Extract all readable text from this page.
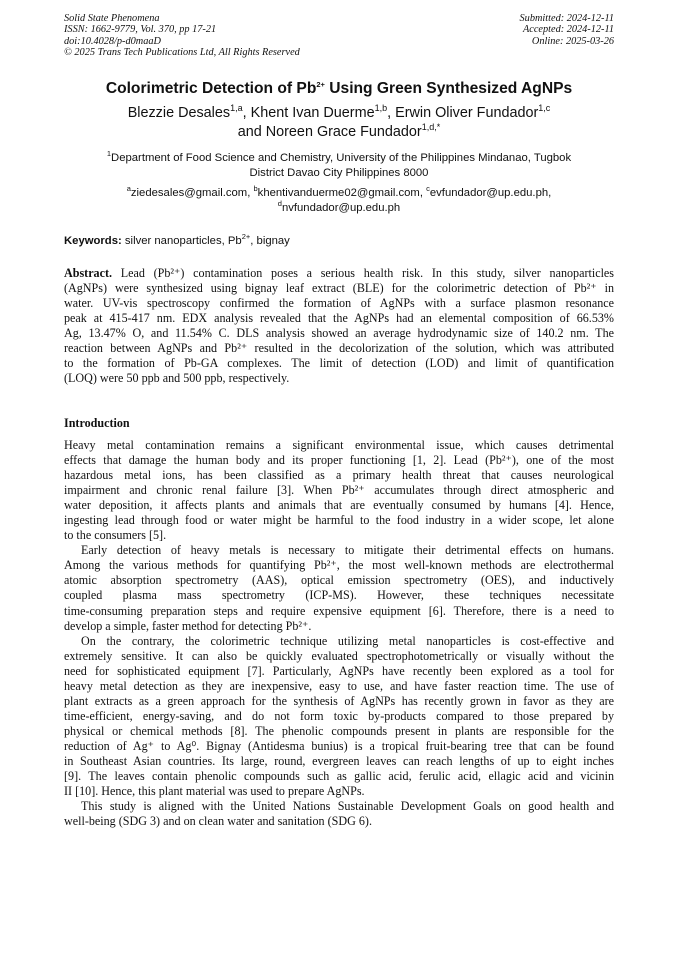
Solid State Phenomena
ISSN: 1662-9779, Vol. 370, pp 17-21
doi:10.4028/p-d0maaD
© 2025 Trans Tech Publications Ltd, All Rights Reserved
Submitted: 2024-12-11
Accepted: 2024-12-11
Online: 2025-03-26
Colorimetric Detection of $Pb^{2+}$ Using Green Synthesized AgNPs
Blezzie Desales$^{1,a}$, Khent Ivan Duerme$^{1,b}$, Erwin Oliver Fundador$^{1,c}$
and Noreen Grace Fundador$^{1,d,*}$
$^1$Department of Food Science and Chemistry, University of the Philippines Mindanao, Tugbok
District Davao City Philippines 8000
$^a$ziedesales@gmail.com, $^b$khentivanduerme02@gmail.com, $^c$evfundador@up.edu.ph,
$^d$nvfundador@up.edu.ph
Keywords: silver nanoparticles, $Pb^{2+}$, bignay
Abstract. Lead (Pb²⁺) contamination poses a serious health risk. In this study, silver nanoparticles
(AgNPs) were synthesized using bignay leaf extract (BLE) for the colorimetric detection of Pb²⁺ in
water. UV-vis spectroscopy confirmed the formation of AgNPs with a surface plasmon resonance
peak at 415-417 nm. EDX analysis revealed that the AgNPs had an elemental composition of 66.53%
Ag, 13.47% O, and 11.54% C. DLS analysis showed an average hydrodynamic size of 140.2 nm. The
reaction between AgNPs and Pb²⁺ resulted in the decolorization of the solution, which was attributed
to the formation of Pb-GA complexes. The limit of detection (LOD) and limit of quantification
(LOQ) were 50 ppb and 500 ppb, respectively.
Introduction
Heavy metal contamination remains a significant environmental issue, which causes detrimental
effects that damage the human body and its proper functioning [1, 2]. Lead (Pb²⁺), one of the most
hazardous metal ions, has been classified as a primary health threat that causes neurological
impairment and chronic renal failure [3]. When Pb²⁺ accumulates through direct atmospheric and
water deposition, it affects plants and animals that are eventually consumed by humans [4]. Hence,
ingesting lead through food or water might be harmful to the food industry in a wider scope, let alone
to the consumers [5].
Early detection of heavy metals is necessary to mitigate their detrimental effects on humans.
Among the various methods for quantifying Pb²⁺, the most well-known methods are electrothermal
atomic absorption spectrometry (AAS), optical emission spectrometry (OES), and inductively
coupled plasma mass spectrometry (ICP-MS). However, these techniques necessitate
time-consuming preparation steps and require expensive equipment [6]. Therefore, there is a need to
develop a simple, faster method for detecting Pb²⁺.
On the contrary, the colorimetric technique utilizing metal nanoparticles is cost-effective and
extremely sensitive. It can also be quickly evaluated spectrophotometrically or visually without the
need for sophisticated equipment [7]. Particularly, AgNPs have recently been explored as a tool for
heavy metal detection as they are inexpensive, easy to use, and have faster reaction time. The use of
plant extracts as a green approach for the synthesis of AgNPs has recently grown in favor as they are
time-efficient, energy-saving, and do not form toxic by-products compared to those prepared by
physical or chemical methods [8]. The phenolic compounds present in plants are responsible for the
reduction of Ag⁺ to Ag⁰. Bignay (Antidesma bunius) is a tropical fruit-bearing tree that can be found
in Southeast Asian countries. Its large, round, evergreen leaves can reach lengths of up to eight inches
[9]. The leaves contain phenolic compounds such as gallic acid, ferulic acid, ellagic acid and vicinin
II [10]. Hence, this plant material was used to prepare AgNPs.
This study is aligned with the United Nations Sustainable Development Goals on good health and
well-being (SDG 3) and on clean water and sanitation (SDG 6).
